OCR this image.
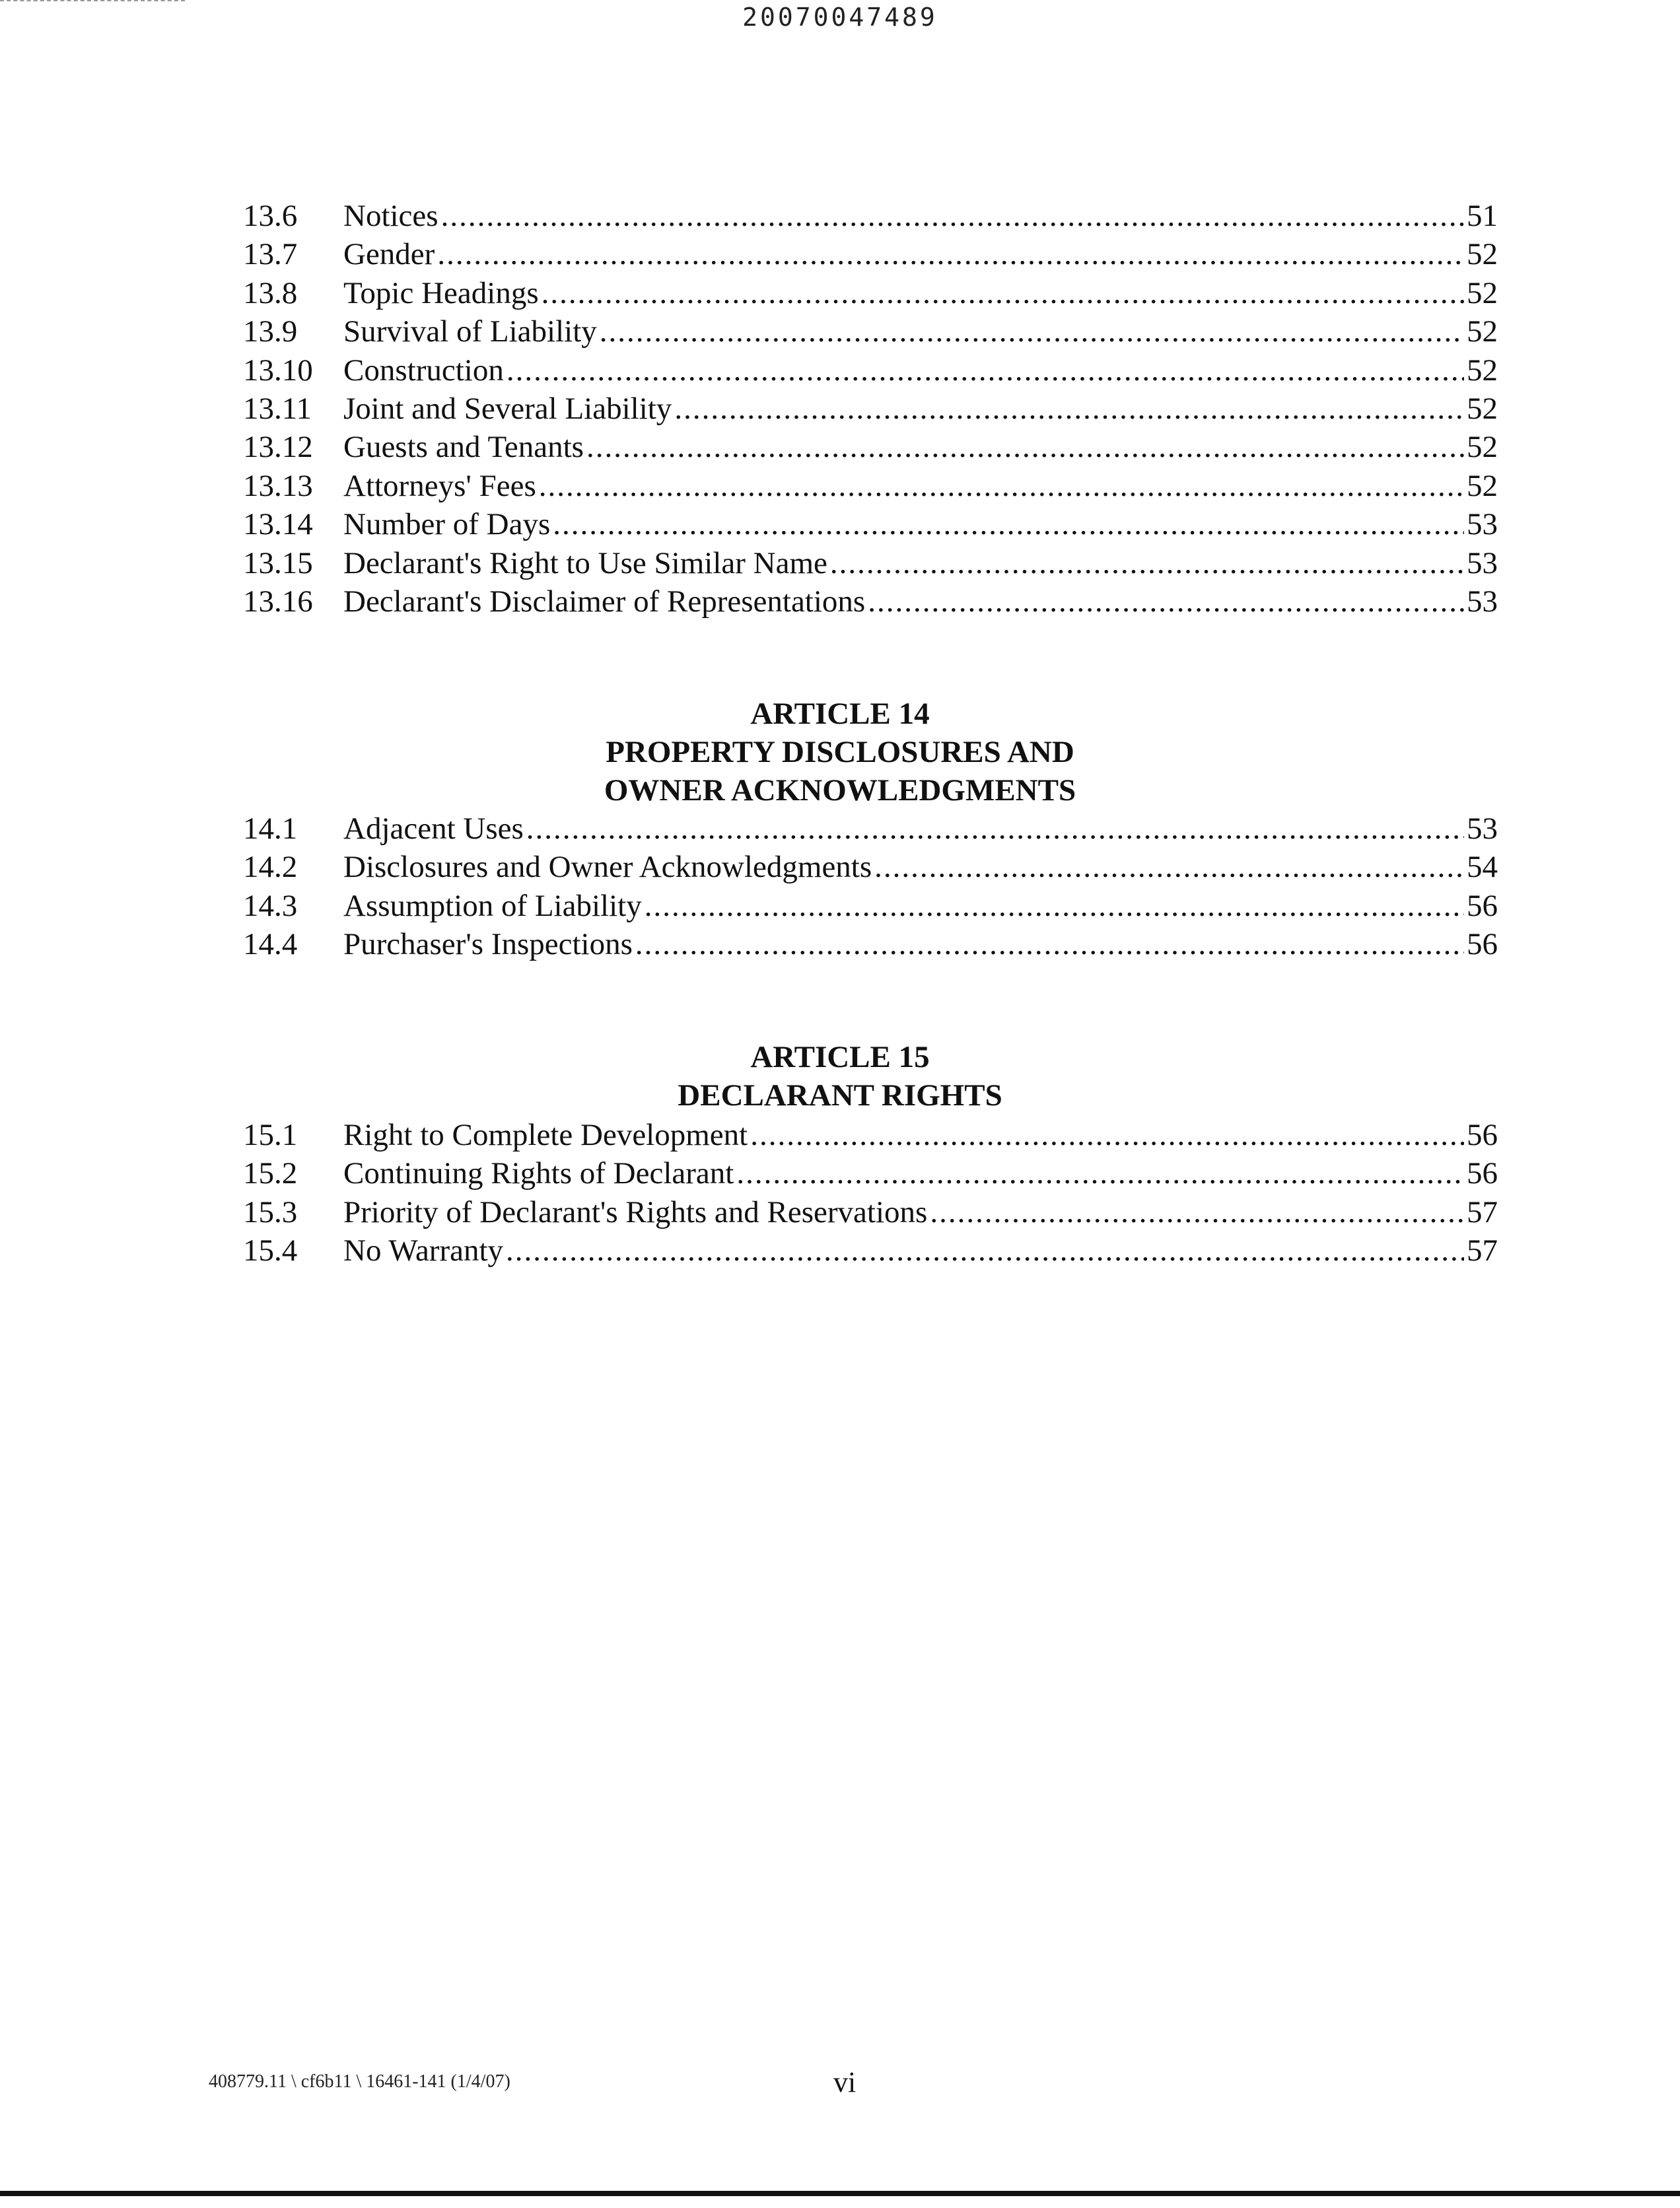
20070047489
13.6	Notices .....	51
13.7	Gender .....	52
13.8	Topic Headings .....	52
13.9	Survival of Liability .....	52
13.10 Construction .....	52
13.11	Joint and Several Liability .....	52
13.12 Guests and Tenants .....	52
13.13 Attorneys' Fees .....	52
13.14 Number of Days .....	53
13.15 Declarant's Right to Use Similar Name .....	53
13.16 Declarant's Disclaimer of Representations .....	53
ARTICLE 14
PROPERTY DISCLOSURES AND
OWNER ACKNOWLEDGMENTS
14.1	Adjacent Uses .....	53
14.2	Disclosures and Owner Acknowledgments .....	54
14.3	Assumption of Liability .....	56
14.4	Purchaser's Inspections .....	56
ARTICLE 15
DECLARANT RIGHTS
15.1	Right to Complete Development .....	56
15.2	Continuing Rights of Declarant .....	56
15.3	Priority of Declarant's Rights and Reservations .....	57
15.4	No Warranty .....	57
408779.11 \ cf6b11 \ 16461-141 (1/4/07)	vi
